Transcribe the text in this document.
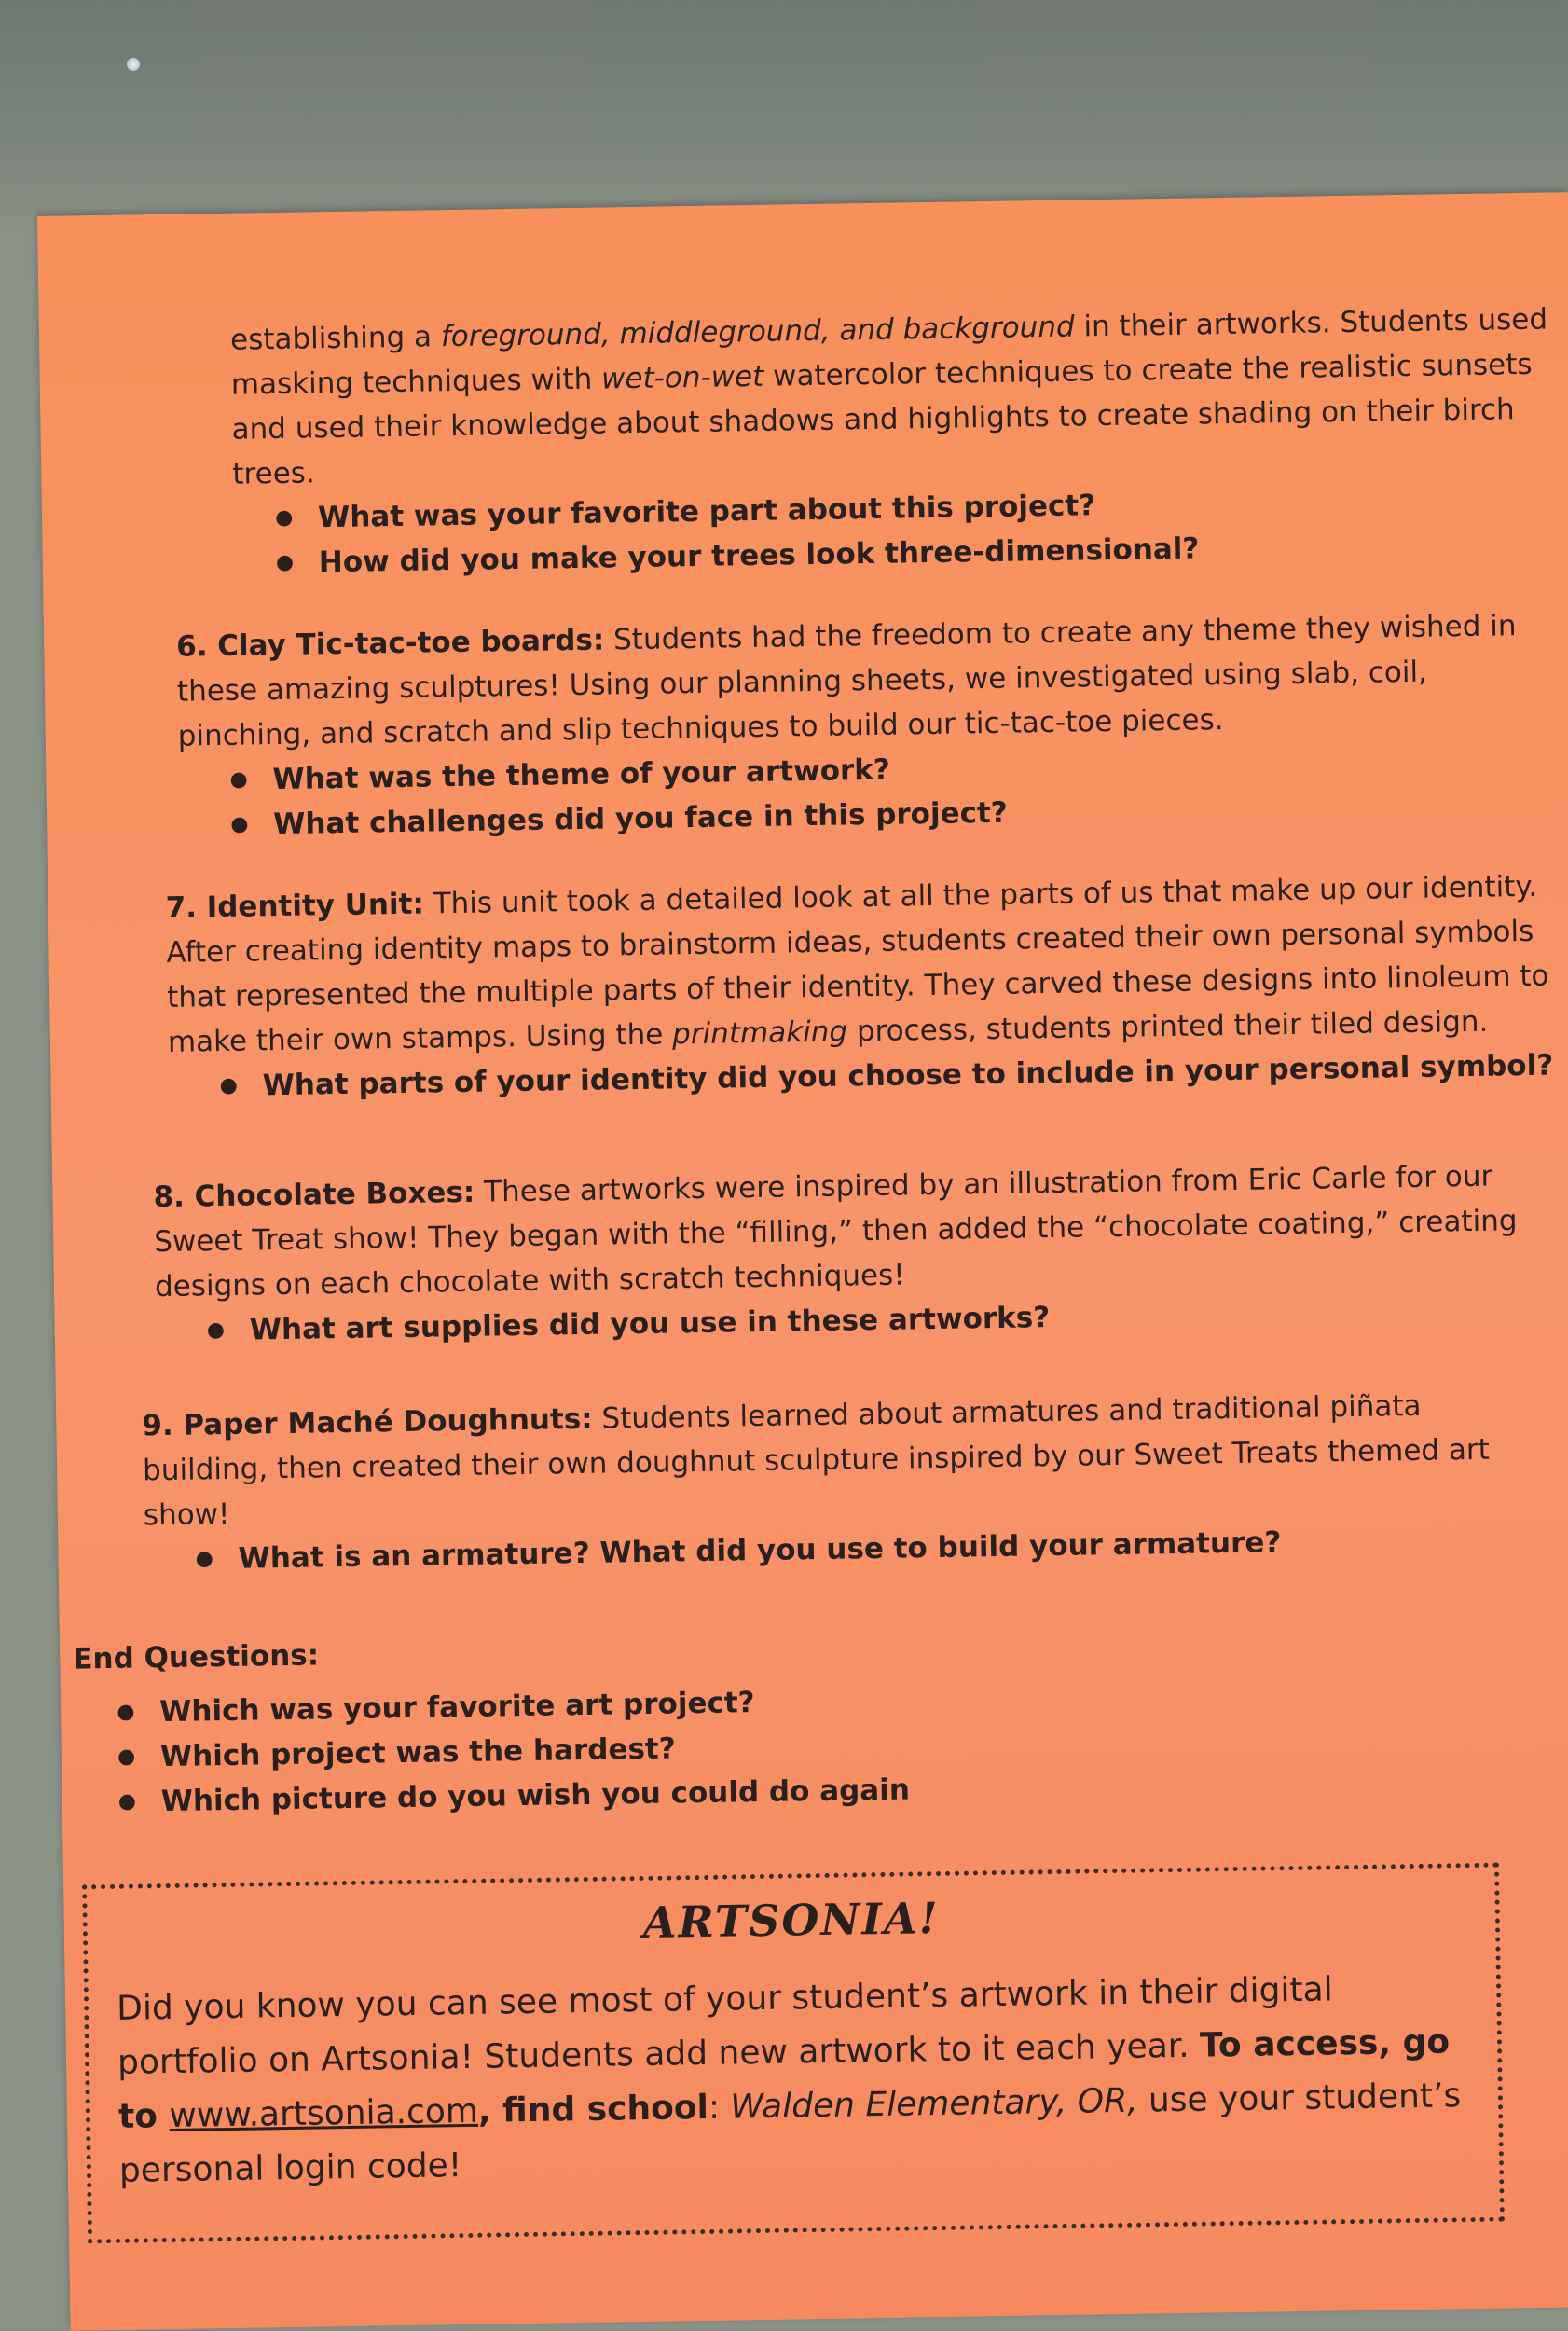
establishing a foreground, middleground, and background in their artworks. Students used masking techniques with wet-on-wet watercolor techniques to create the realistic sunsets and used their knowledge about shadows and highlights to create shading on their birch trees.
● What was your favorite part about this project?
● How did you make your trees look three-dimensional?
6. Clay Tic-tac-toe boards: Students had the freedom to create any theme they wished in these amazing sculptures! Using our planning sheets, we investigated using slab, coil, pinching, and scratch and slip techniques to build our tic-tac-toe pieces.
● What was the theme of your artwork?
● What challenges did you face in this project?
7. Identity Unit: This unit took a detailed look at all the parts of us that make up our identity. After creating identity maps to brainstorm ideas, students created their own personal symbols that represented the multiple parts of their identity. They carved these designs into linoleum to make their own stamps. Using the printmaking process, students printed their tiled design.
● What parts of your identity did you choose to include in your personal symbol?
8. Chocolate Boxes: These artworks were inspired by an illustration from Eric Carle for our Sweet Treat show! They began with the “filling,” then added the “chocolate coating,” creating designs on each chocolate with scratch techniques!
● What art supplies did you use in these artworks?
9. Paper Maché Doughnuts: Students learned about armatures and traditional piñata building, then created their own doughnut sculpture inspired by our Sweet Treats themed art show!
● What is an armature? What did you use to build your armature?
End Questions:
● Which was your favorite art project?
● Which project was the hardest?
● Which picture do you wish you could do again
ARTSONIA!
Did you know you can see most of your student’s artwork in their digital portfolio on Artsonia! Students add new artwork to it each year. To access, go to www.artsonia.com, find school: Walden Elementary, OR, use your student’s personal login code!
